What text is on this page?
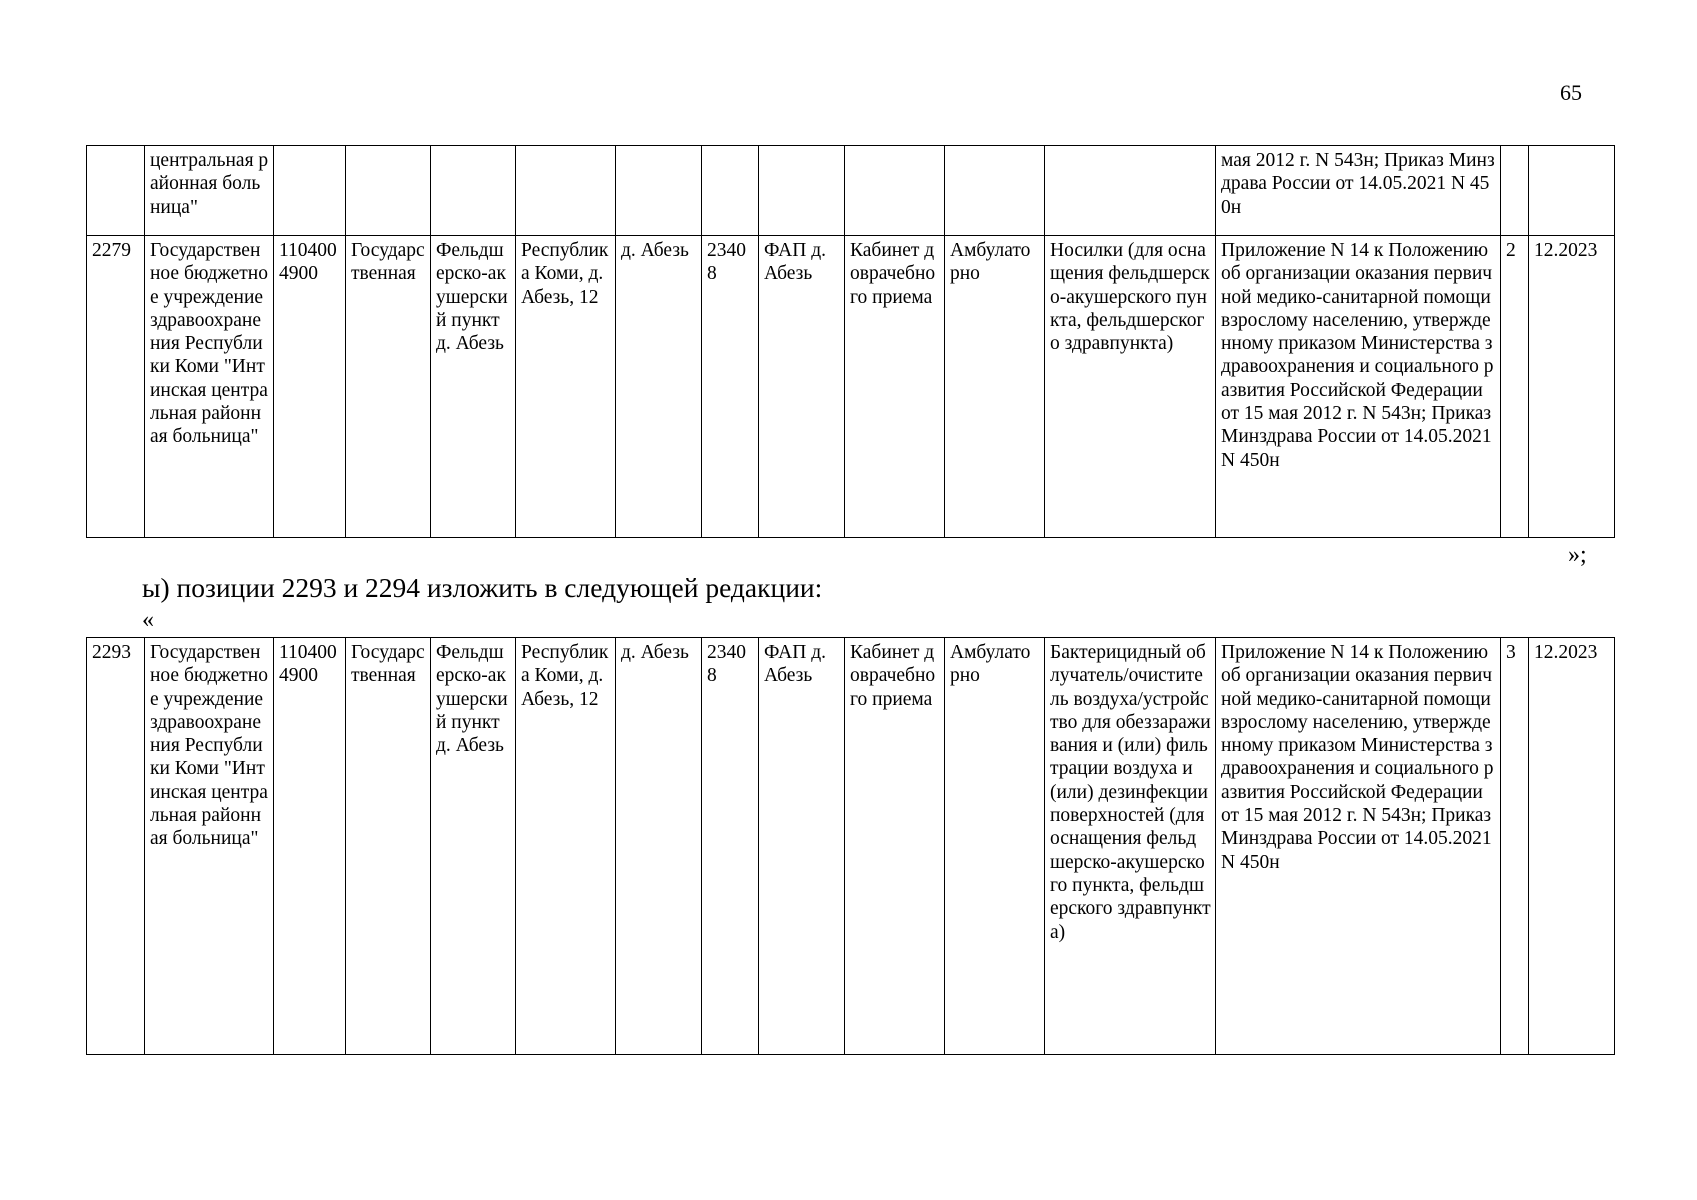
65
	центральная районная больница"											мая 2012 г. N 543н; Приказ Минздрава России от 14.05.2021 N 450н		
2279	Государственное бюджетное учреждение здравоохранения Республики Коми "Интинская центральная районная больница"	1104004900	Государственная	Фельдшерско-акушерский пункт д. Абезь	Республика Коми, д. Абезь, 12	д. Абезь	23408	ФАП д. Абезь	Кабинет доврачебного приема	Амбулаторно	Носилки (для оснащения фельдшерско-акушерского пункта, фельдшерского здравпункта)	Приложение N 14 к Положению об организации оказания первичной медико-санитарной помощи взрослому населению, утвержденному приказом Министерства здравоохранения и социального развития Российской Федерации от 15 мая 2012 г. N 543н; Приказ Минздрава России от 14.05.2021 N 450н	2	12.2023
»;
ы) позиции 2293 и 2294 изложить в следующей редакции:
«
2293	Государственное бюджетное учреждение здравоохранения Республики Коми "Интинская центральная районная больница"	1104004900	Государственная	Фельдшерско-акушерский пункт д. Абезь	Республика Коми, д. Абезь, 12	д. Абезь	23408	ФАП д. Абезь	Кабинет доврачебного приема	Амбулаторно	Бактерицидный облучатель/очиститель воздуха/устройство для обеззараживания и (или) фильтрации воздуха и (или) дезинфекции поверхностей (для оснащения фельдшерско-акушерского пункта, фельдшерского здравпункта)	Приложение N 14 к Положению об организации оказания первичной медико-санитарной помощи взрослому населению, утвержденному приказом Министерства здравоохранения и социального развития Российской Федерации от 15 мая 2012 г. N 543н; Приказ Минздрава России от 14.05.2021 N 450н	3	12.2023
